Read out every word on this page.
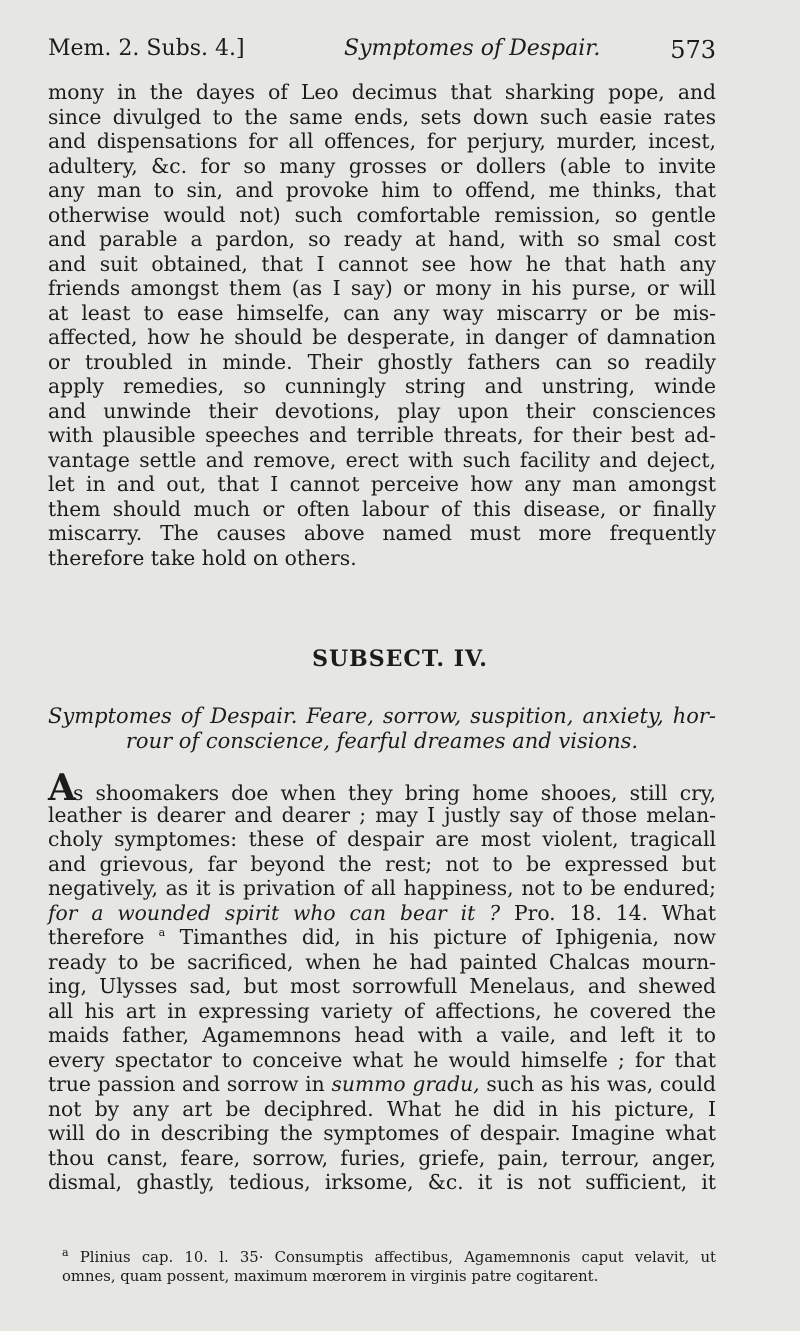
Mem. 2. Subs. 4.]	Symptomes of Despair.	573
mony in the dayes of Leo decimus that sharking pope, and
since divulged to the same ends, sets down such easie rates
and dispensations for all offences, for perjury, murder, incest,
adultery, &c. for so many grosses or dollers (able to invite
any man to sin, and provoke him to offend, me thinks, that
otherwise would not) such comfortable remission, so gentle
and parable a pardon, so ready at hand, with so smal cost
and suit obtained, that I cannot see how he that hath any
friends amongst them (as I say) or mony in his purse, or will
at least to ease himselfe, can any way miscarry or be mis-
affected, how he should be desperate, in danger of damnation
or troubled in minde. Their ghostly fathers can so readily
apply remedies, so cunningly string and unstring, winde
and unwinde their devotions, play upon their consciences
with plausible speeches and terrible threats, for their best ad-
vantage settle and remove, erect with such facility and deject,
let in and out, that I cannot perceive how any man amongst
them should much or often labour of this disease, or finally
miscarry. The causes above named must more frequently
therefore take hold on others.
SUBSECT. IV.
Symptomes of Despair. Feare, sorrow, suspition, anxiety, hor-
rour of conscience, fearful dreames and visions.
As shoomakers doe when they bring home shooes, still cry,
leather is dearer and dearer ; may I justly say of those melan-
choly symptomes: these of despair are most violent, tragicall
and grievous, far beyond the rest; not to be expressed but
negatively, as it is privation of all happiness, not to be endured;
for a wounded spirit who can bear it ? Pro. 18. 14. What
therefore $^a$ Timanthes did, in his picture of Iphigenia, now
ready to be sacrificed, when he had painted Chalcas mourn-
ing, Ulysses sad, but most sorrowfull Menelaus, and shewed
all his art in expressing variety of affections, he covered the
maids father, Agamemnons head with a vaile, and left it to
every spectator to conceive what he would himselfe ; for that
true passion and sorrow in summo gradu, such as his was, could
not by any art be deciphred. What he did in his picture, I
will do in describing the symptomes of despair. Imagine what
thou canst, feare, sorrow, furies, griefe, pain, terrour, anger,
dismal, ghastly, tedious, irksome, &c. it is not sufficient, it
$^a$ Plinius cap. 10. l. 35· Consumptis affectibus, Agamemnonis caput velavit, ut
omnes, quam possent, maximum mœrorem in virginis patre cogitarent.
